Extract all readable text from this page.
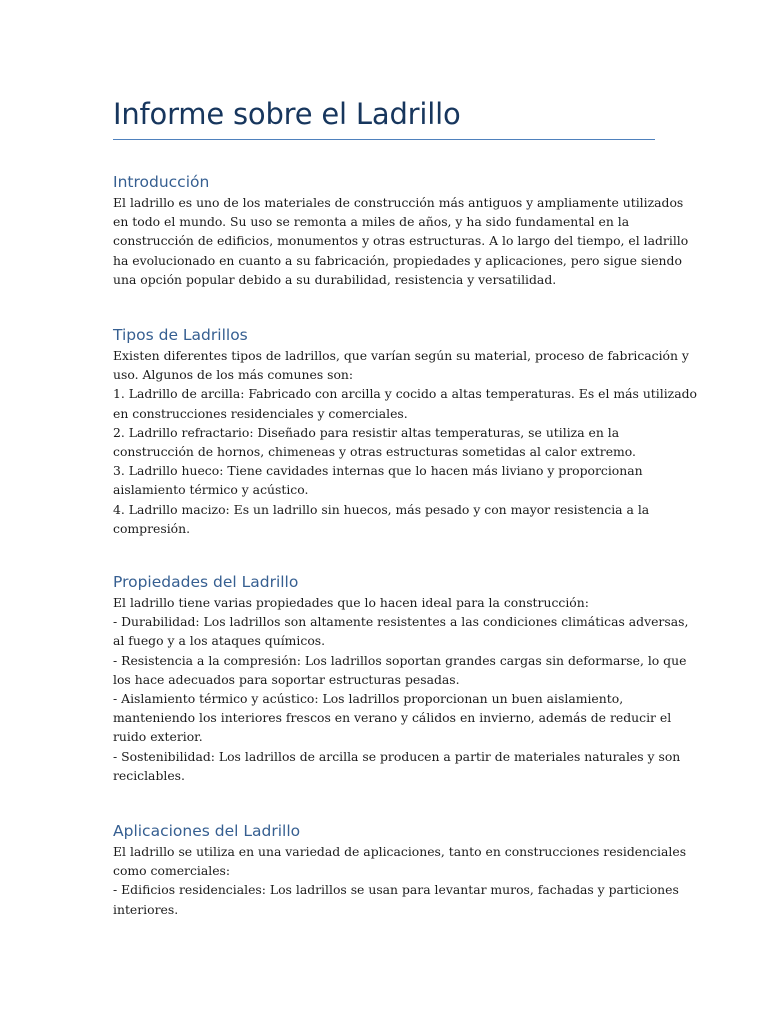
Informe sobre el Ladrillo
Introducción

El ladrillo es uno de los materiales de construcción más antiguos y ampliamente utilizados
en todo el mundo. Su uso se remonta a miles de años, y ha sido fundamental en la
construcción de edificios, monumentos y otras estructuras. A lo largo del tiempo, el ladrillo
ha evolucionado en cuanto a su fabricación, propiedades y aplicaciones, pero sigue siendo
una opción popular debido a su durabilidad, resistencia y versatilidad.

Tipos de Ladrillos

Existen diferentes tipos de ladrillos, que varían según su material, proceso de fabricación y
uso. Algunos de los más comunes son:
1. Ladrillo de arcilla: Fabricado con arcilla y cocido a altas temperaturas. Es el más utilizado
en construcciones residenciales y comerciales.
2. Ladrillo refractario: Diseñado para resistir altas temperaturas, se utiliza en la
construcción de hornos, chimeneas y otras estructuras sometidas al calor extremo.
3. Ladrillo hueco: Tiene cavidades internas que lo hacen más liviano y proporcionan
aislamiento térmico y acústico.
4. Ladrillo macizo: Es un ladrillo sin huecos, más pesado y con mayor resistencia a la
compresión.

Propiedades del Ladrillo

El ladrillo tiene varias propiedades que lo hacen ideal para la construcción:
- Durabilidad: Los ladrillos son altamente resistentes a las condiciones climáticas adversas,
al fuego y a los ataques químicos.
- Resistencia a la compresión: Los ladrillos soportan grandes cargas sin deformarse, lo que
los hace adecuados para soportar estructuras pesadas.
- Aislamiento térmico y acústico: Los ladrillos proporcionan un buen aislamiento,
manteniendo los interiores frescos en verano y cálidos en invierno, además de reducir el
ruido exterior.
- Sostenibilidad: Los ladrillos de arcilla se producen a partir de materiales naturales y son
reciclables.

Aplicaciones del Ladrillo

El ladrillo se utiliza en una variedad de aplicaciones, tanto en construcciones residenciales
como comerciales:
- Edificios residenciales: Los ladrillos se usan para levantar muros, fachadas y particiones
interiores.
